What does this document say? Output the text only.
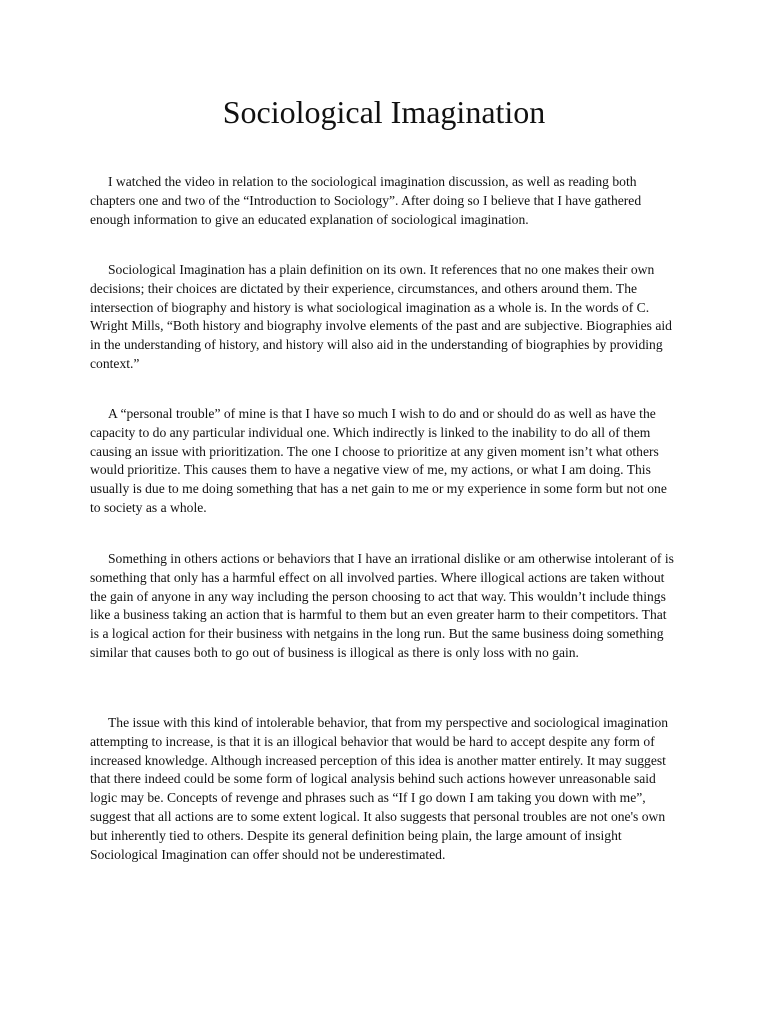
Sociological Imagination

I watched the video in relation to the sociological imagination discussion, as well as reading both chapters one and two of the “Introduction to Sociology”. After doing so I believe that I have gathered enough information to give an educated explanation of sociological imagination.

Sociological Imagination has a plain definition on its own. It references that no one makes their own decisions; their choices are dictated by their experience, circumstances, and others around them. The intersection of biography and history is what sociological imagination as a whole is. In the words of C. Wright Mills, “Both history and biography involve elements of the past and are subjective. Biographies aid in the understanding of history, and history will also aid in the understanding of biographies by providing context.”

A “personal trouble” of mine is that I have so much I wish to do and or should do as well as have the capacity to do any particular individual one. Which indirectly is linked to the inability to do all of them causing an issue with prioritization. The one I choose to prioritize at any given moment isn’t what others would prioritize. This causes them to have a negative view of me, my actions, or what I am doing. This usually is due to me doing something that has a net gain to me or my experience in some form but not one to society as a whole.

Something in others actions or behaviors that I have an irrational dislike or am otherwise intolerant of is something that only has a harmful effect on all involved parties. Where illogical actions are taken without the gain of anyone in any way including the person choosing to act that way. This wouldn’t include things like a business taking an action that is harmful to them but an even greater harm to their competitors. That is a logical action for their business with netgains in the long run. But the same business doing something similar that causes both to go out of business is illogical as there is only loss with no gain.

The issue with this kind of intolerable behavior, that from my perspective and sociological imagination attempting to increase, is that it is an illogical behavior that would be hard to accept despite any form of increased knowledge. Although increased perception of this idea is another matter entirely. It may suggest that there indeed could be some form of logical analysis behind such actions however unreasonable said logic may be. Concepts of revenge and phrases such as “If I go down I am taking you down with me”, suggest that all actions are to some extent logical. It also suggests that personal troubles are not one's own but inherently tied to others. Despite its general definition being plain, the large amount of insight Sociological Imagination can offer should not be underestimated.
